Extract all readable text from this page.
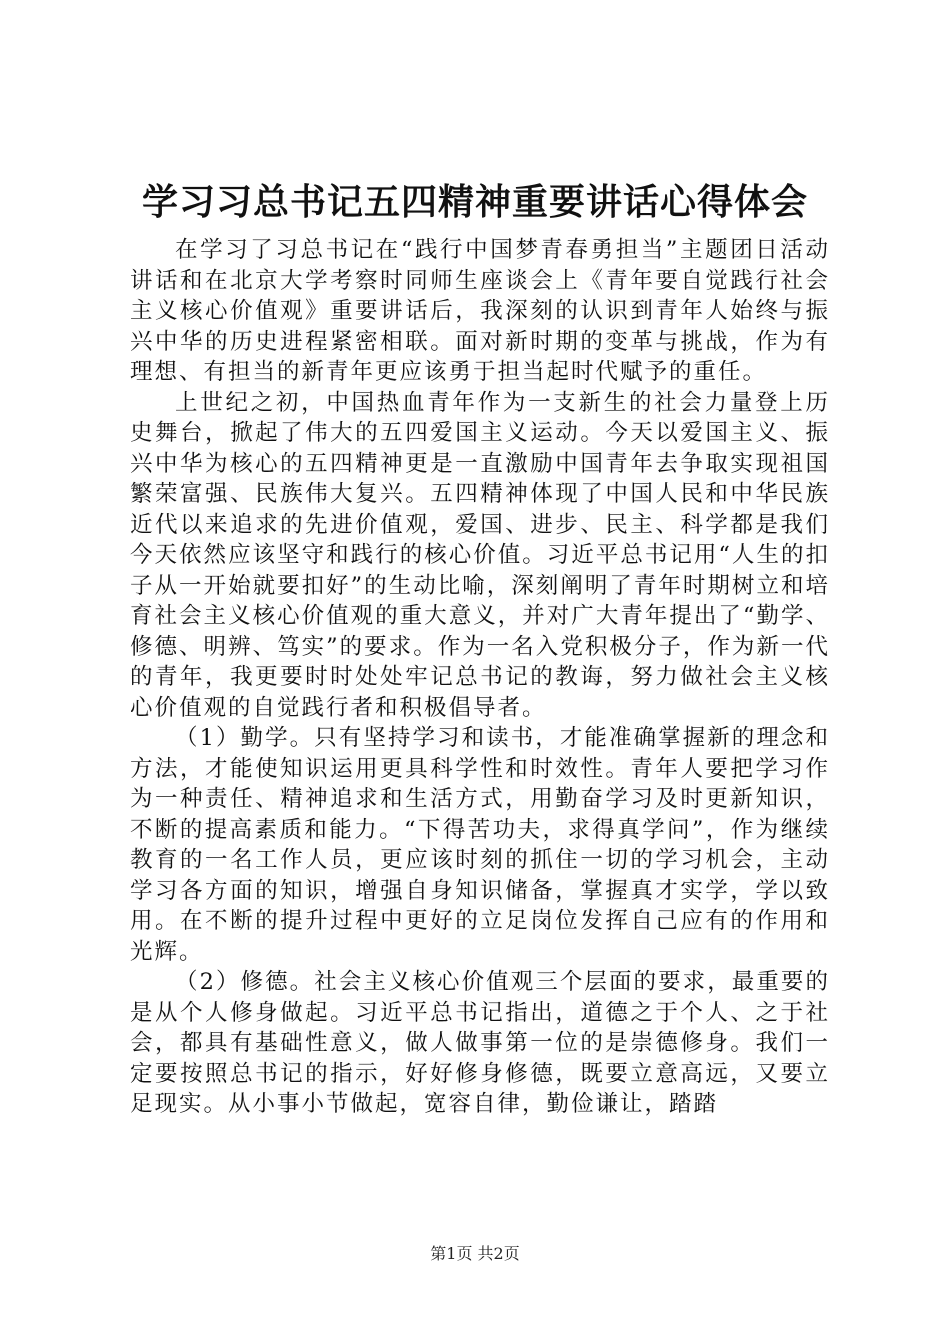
学习习总书记五四精神重要讲话心得体会

在学习了习总书记在“践行中国梦青春勇担当”主题团日活动讲话和在北京大学考察时同师生座谈会上《青年要自觉践行社会主义核心价值观》重要讲话后，我深刻的认识到青年人始终与振兴中华的历史进程紧密相联。面对新时期的变革与挑战，作为有理想、有担当的新青年更应该勇于担当起时代赋予的重任。

上世纪之初，中国热血青年作为一支新生的社会力量登上历史舞台，掀起了伟大的五四爱国主义运动。今天以爱国主义、振兴中华为核心的五四精神更是一直激励中国青年去争取实现祖国繁荣富强、民族伟大复兴。五四精神体现了中国人民和中华民族近代以来追求的先进价值观，爱国、进步、民主、科学都是我们今天依然应该坚守和践行的核心价值。习近平总书记用“人生的扣子从一开始就要扣好”的生动比喻，深刻阐明了青年时期树立和培育社会主义核心价值观的重大意义，并对广大青年提出了“勤学、修德、明辨、笃实”的要求。作为一名入党积极分子，作为新一代的青年，我更要时时处处牢记总书记的教诲，努力做社会主义核心价值观的自觉践行者和积极倡导者。

（1）勤学。只有坚持学习和读书，才能准确掌握新的理念和方法，才能使知识运用更具科学性和时效性。青年人要把学习作为一种责任、精神追求和生活方式，用勤奋学习及时更新知识，不断的提高素质和能力。“下得苦功夫，求得真学问”，作为继续教育的一名工作人员，更应该时刻的抓住一切的学习机会，主动学习各方面的知识，增强自身知识储备，掌握真才实学，学以致用。在不断的提升过程中更好的立足岗位发挥自己应有的作用和光辉。

（2）修德。社会主义核心价值观三个层面的要求，最重要的是从个人修身做起。习近平总书记指出，道德之于个人、之于社会，都具有基础性意义，做人做事第一位的是崇德修身。我们一定要按照总书记的指示，好好修身修德，既要立意高远，又要立足现实。从小事小节做起，宽容自律，勤俭谦让，踏踏

第1页 共2页
